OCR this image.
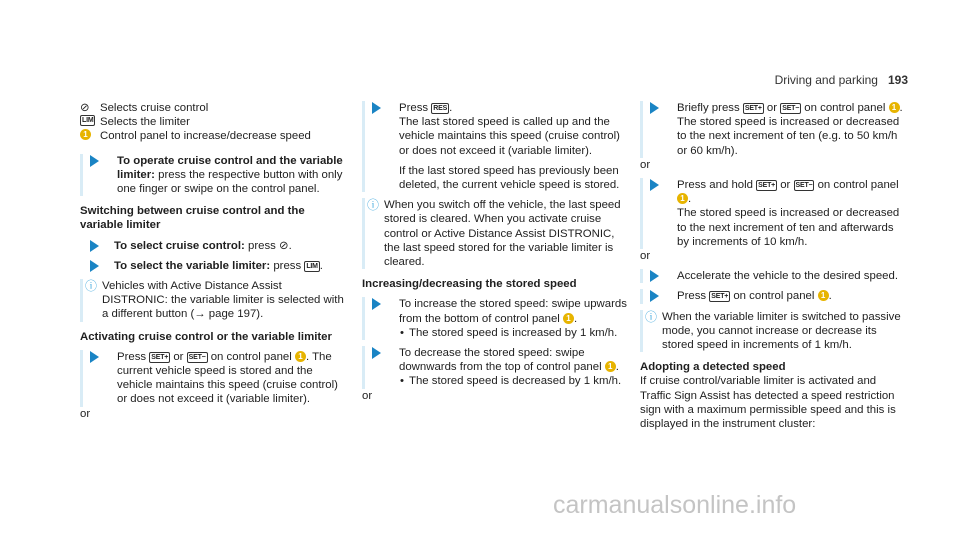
Driving and parking 193
⊘ Selects cruise control
LIM Selects the limiter
1 Control panel to increase/decrease speed
To operate cruise control and the variable limiter: press the respective button with only one finger or swipe on the control panel.

Switching between cruise control and the variable limiter

To select cruise control: press ⊘.
To select the variable limiter: press LIM .
ⓘ Vehicles with Active Distance Assist DISTRONIC: the variable limiter is selected with a different button (→ page 197).

Activating cruise control or the variable limiter

Press SET+ or SET− on control panel 1 . The current vehicle speed is stored and the vehicle maintains this speed (cruise control) or does not exceed it (variable limiter).

or

Press RES .

The last stored speed is called up and the vehicle maintains this speed (cruise control) or does not exceed it (variable limiter).

If the last stored speed has previously been deleted, the current vehicle speed is stored.

ⓘ When you switch off the vehicle, the last speed stored is cleared. When you activate cruise control or Active Distance Assist DISTRONIC, the last speed stored for the variable limiter is cleared.

Increasing/decreasing the stored speed

To increase the stored speed: swipe upwards from the bottom of control panel 1 .
• The stored speed is increased by 1 km/h.
To decrease the stored speed: swipe downwards from the top of control panel 1 .
• The stored speed is decreased by 1 km/h.

or

Briefly press SET+ or SET− on control panel 1 .

The stored speed is increased or decreased to the next increment of ten (e.g. to 50 km/h or 60 km/h).

or

Press and hold SET+ or SET− on control panel 1 .

The stored speed is increased or decreased to the next increment of ten and afterwards by increments of 10 km/h.

or

Accelerate the vehicle to the desired speed.
Press SET+ on control panel 1 .
ⓘ When the variable limiter is switched to passive mode, you cannot increase or decrease its stored speed in increments of 1 km/h.

Adopting a detected speed

If cruise control/variable limiter is activated and Traffic Sign Assist has detected a speed restriction sign with a maximum permissible speed and this is displayed in the instrument cluster:

carmanualsonline.info
